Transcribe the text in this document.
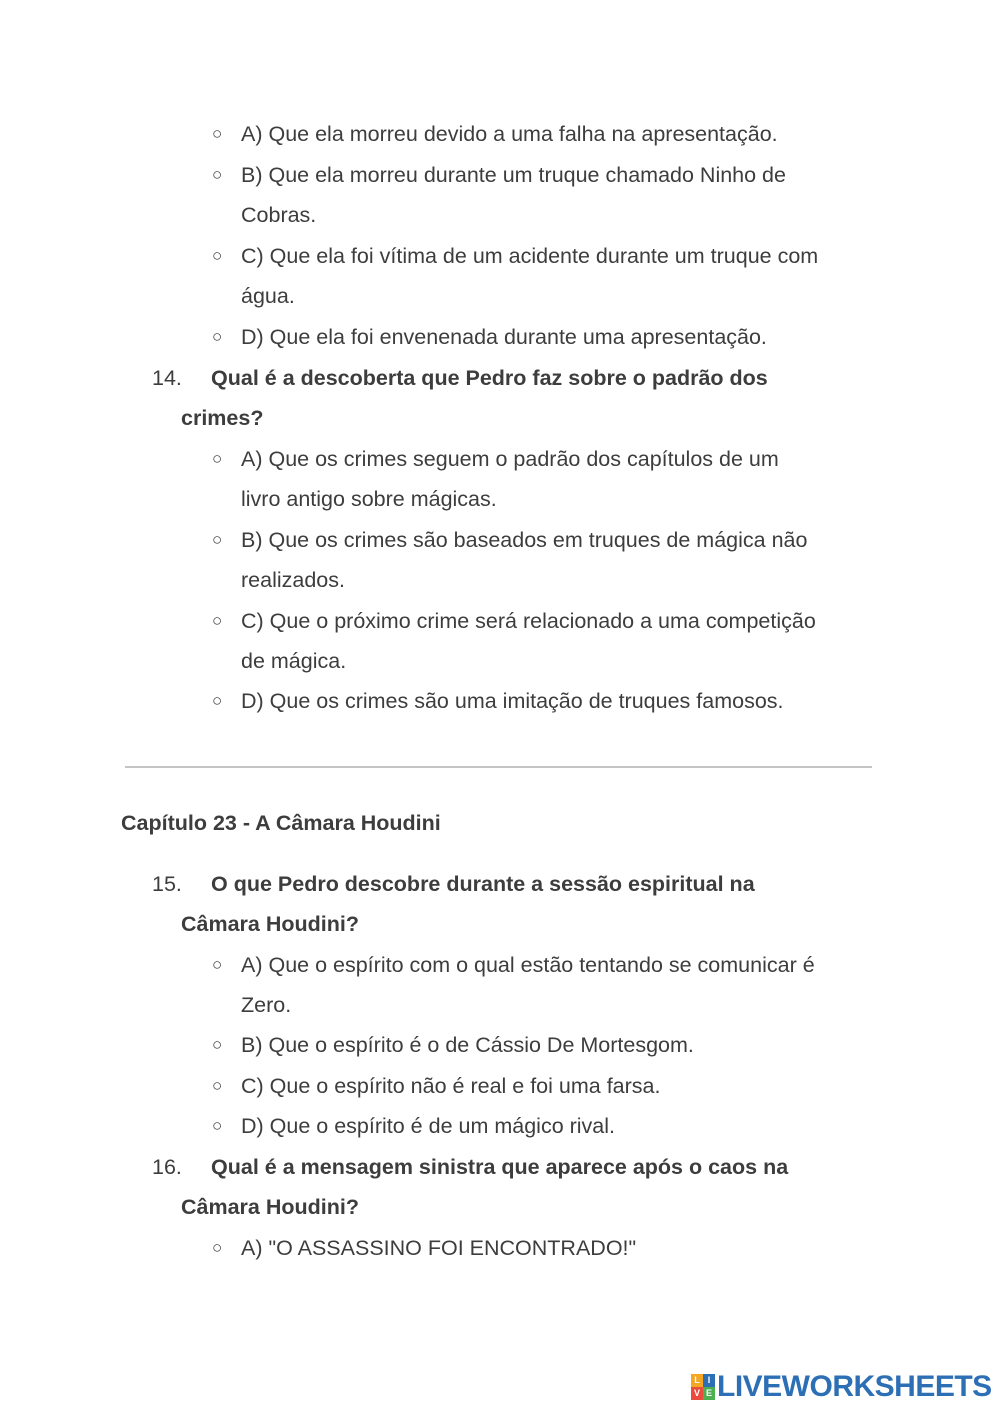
○ A) Que ela morreu devido a uma falha na apresentação.
○ B) Que ela morreu durante um truque chamado Ninho de
Cobras.
○ C) Que ela foi vítima de um acidente durante um truque com
água.
○ D) Que ela foi envenenada durante uma apresentação.
14. Qual é a descoberta que Pedro faz sobre o padrão dos
crimes?
○ A) Que os crimes seguem o padrão dos capítulos de um
livro antigo sobre mágicas.
○ B) Que os crimes são baseados em truques de mágica não
realizados.
○ C) Que o próximo crime será relacionado a uma competição
de mágica.
○ D) Que os crimes são uma imitação de truques famosos.
Capítulo 23 - A Câmara Houdini
15. O que Pedro descobre durante a sessão espiritual na
Câmara Houdini?
○ A) Que o espírito com o qual estão tentando se comunicar é
Zero.
○ B) Que o espírito é o de Cássio De Mortesgom.
○ C) Que o espírito não é real e foi uma farsa.
○ D) Que o espírito é de um mágico rival.
16. Qual é a mensagem sinistra que aparece após o caos na
Câmara Houdini?
○ A) "O ASSASSINO FOI ENCONTRADO!"
L I
V E LIVEWORKSHEETS
